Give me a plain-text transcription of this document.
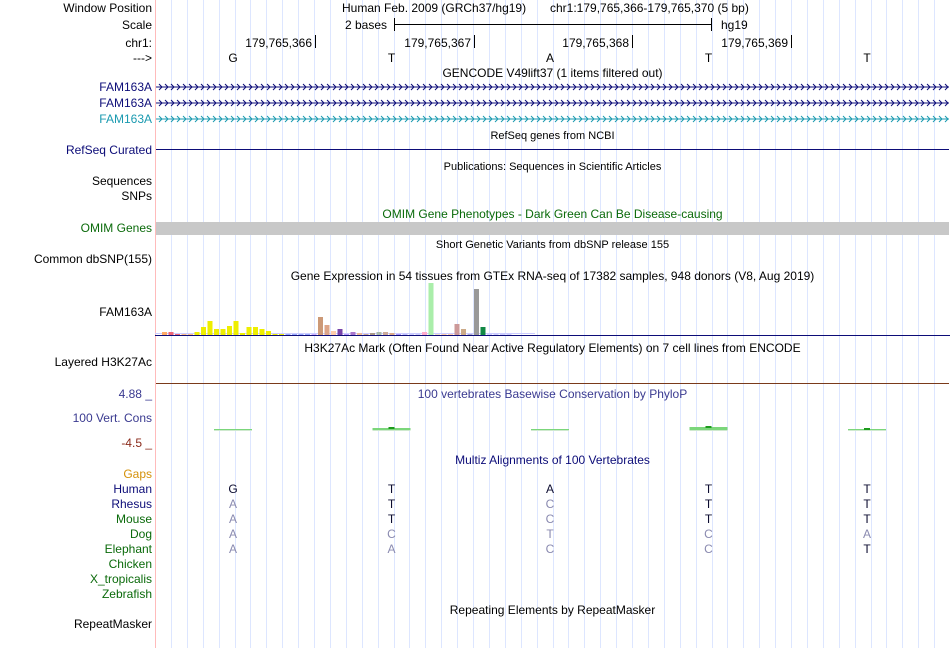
Window Position	Human Feb. 2009 (GRCh37/hg19) chr1:179,765,366-179,765,370 (5 bp)
Scale	2 bases	hg19
chr1:	179,765,366	179,765,367	179,765,368	179,765,369
--->	G	T	A	T	T
GENCODE V49lift37 (1 items filtered out)
FAM163A
FAM163A
FAM163A
RefSeq genes from NCBI
RefSeq Curated
Publications: Sequences in Scientific Articles
Sequences
SNPs
OMIM Gene Phenotypes - Dark Green Can Be Disease-causing
OMIM Genes
Short Genetic Variants from dbSNP release 155
Common dbSNP(155)
Gene Expression in 54 tissues from GTEx RNA-seq of 17382 samples, 948 donors (V8, Aug 2019)
FAM163A
H3K27Ac Mark (Often Found Near Active Regulatory Elements) on 7 cell lines from ENCODE
Layered H3K27Ac
100 vertebrates Basewise Conservation by PhyloP
4.88 _
100 Vert. Cons
-4.5 _
Multiz Alignments of 100 Vertebrates
Gaps
Human	G	T	A	T	T
Rhesus	A	T	C	T	T
Mouse	A	T	C	T	T
Dog	A	C	T	C	A
Elephant	A	A	C	C	T
Chicken
X_tropicalis
Zebrafish
Repeating Elements by RepeatMasker
RepeatMasker
